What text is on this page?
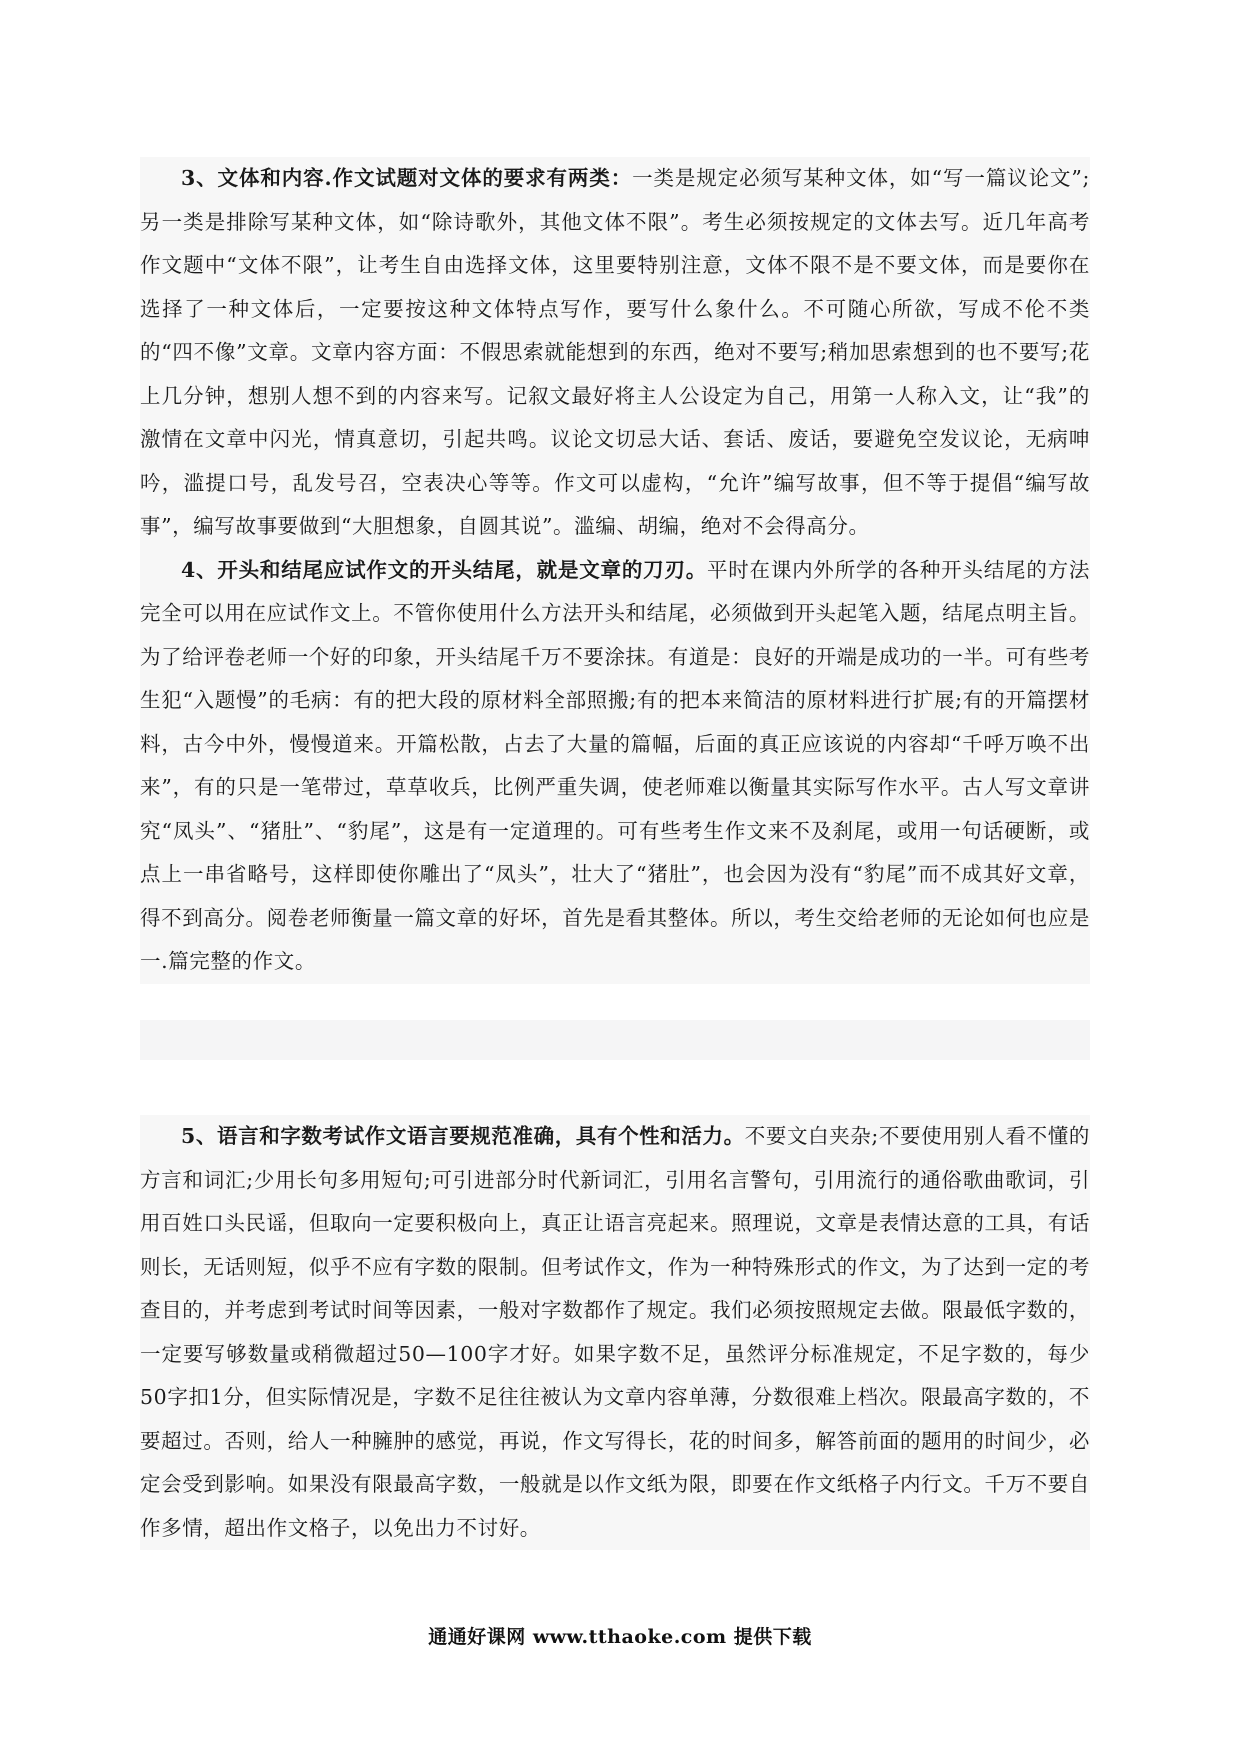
3、文体和内容.作文试题对文体的要求有两类：一类是规定必须写某种文体，如“写一篇议论文”;另一类是排除写某种文体，如“除诗歌外，其他文体不限”。考生必须按规定的文体去写。近几年高考作文题中“文体不限”，让考生自由选择文体，这里要特别注意，文体不限不是不要文体，而是要你在选择了一种文体后，一定要按这种文体特点写作，要写什么象什么。不可随心所欲，写成不伦不类的“四不像”文章。文章内容方面：不假思索就能想到的东西，绝对不要写;稍加思索想到的也不要写;花上几分钟，想别人想不到的内容来写。记叙文最好将主人公设定为自己，用第一人称入文，让“我”的激情在文章中闪光，情真意切，引起共鸣。议论文切忌大话、套话、废话，要避免空发议论，无病呻吟，滥提口号，乱发号召，空表决心等等。作文可以虚构，“允许”编写故事，但不等于提倡“编写故事”，编写故事要做到“大胆想象，自圆其说”。滥编、胡编，绝对不会得高分。

4、开头和结尾应试作文的开头结尾，就是文章的刀刃。平时在课内外所学的各种开头结尾的方法完全可以用在应试作文上。不管你使用什么方法开头和结尾，必须做到开头起笔入题，结尾点明主旨。为了给评卷老师一个好的印象，开头结尾千万不要涂抹。有道是：良好的开端是成功的一半。可有些考生犯“入题慢”的毛病：有的把大段的原材料全部照搬;有的把本来简洁的原材料进行扩展;有的开篇摆材料，古今中外，慢慢道来。开篇松散，占去了大量的篇幅，后面的真正应该说的内容却“千呼万唤不出来”，有的只是一笔带过，草草收兵，比例严重失调，使老师难以衡量其实际写作水平。古人写文章讲究“凤头”、“猪肚”、“豹尾”，这是有一定道理的。可有些考生作文来不及刹尾，或用一句话硬断，或点上一串省略号，这样即使你雕出了“凤头”，壮大了“猪肚”，也会因为没有“豹尾”而不成其好文章，得不到高分。阅卷老师衡量一篇文章的好坏，首先是看其整体。所以，考生交给老师的无论如何也应是一.篇完整的作文。

5、语言和字数考试作文语言要规范准确，具有个性和活力。不要文白夹杂;不要使用别人看不懂的方言和词汇;少用长句多用短句;可引进部分时代新词汇，引用名言警句，引用流行的通俗歌曲歌词，引用百姓口头民谣，但取向一定要积极向上，真正让语言亮起来。照理说，文章是表情达意的工具，有话则长，无话则短，似乎不应有字数的限制。但考试作文，作为一种特殊形式的作文，为了达到一定的考查目的，并考虑到考试时间等因素，一般对字数都作了规定。我们必须按照规定去做。限最低字数的，一定要写够数量或稍微超过50—100字才好。如果字数不足，虽然评分标准规定，不足字数的，每少50字扣1分，但实际情况是，字数不足往往被认为文章内容单薄，分数很难上档次。限最高字数的，不要超过。否则，给人一种臃肿的感觉，再说，作文写得长，花的时间多，解答前面的题用的时间少，必定会受到影响。如果没有限最高字数，一般就是以作文纸为限，即要在作文纸格子内行文。千万不要自作多情，超出作文格子，以免出力不讨好。

通通好课网 www.tthaoke.com 提供下载
